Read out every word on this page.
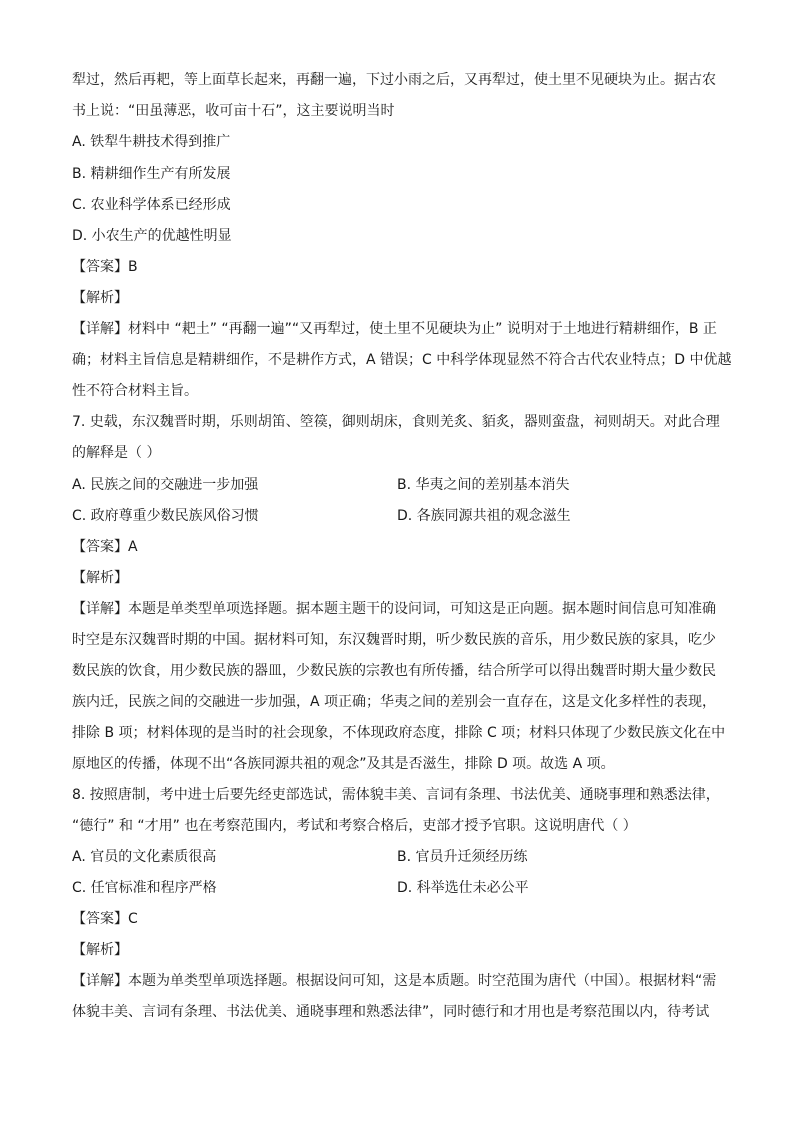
犁过，然后再耙，等上面草长起来，再翻一遍，下过小雨之后，又再犁过，使土里不见硬块为止。据古农
书上说：“田虽薄恶，收可亩十石”，这主要说明当时
A. 铁犁牛耕技术得到推广
B. 精耕细作生产有所发展
C. 农业科学体系已经形成
D. 小农生产的优越性明显
【答案】B
【解析】
【详解】材料中 “耙土” “再翻一遍”“又再犁过，使土里不见硬块为止” 说明对于土地进行精耕细作，B 正
确；材料主旨信息是精耕细作，不是耕作方式，A 错误；C 中科学体现显然不符合古代农业特点；D 中优越
性不符合材料主旨。
7. 史载，东汉魏晋时期，乐则胡笛、箜篌，御则胡床，食则羌炙、貊炙，器则蛮盘，祠则胡天。对此合理
的解释是（ ）
A. 民族之间的交融进一步加强	B. 华夷之间的差别基本消失
C. 政府尊重少数民族风俗习惯	D. 各族同源共祖的观念滋生
【答案】A
【解析】
【详解】本题是单类型单项选择题。据本题主题干的设问词，可知这是正向题。据本题时间信息可知准确
时空是东汉魏晋时期的中国。据材料可知，东汉魏晋时期，听少数民族的音乐，用少数民族的家具，吃少
数民族的饮食，用少数民族的器皿，少数民族的宗教也有所传播，结合所学可以得出魏晋时期大量少数民
族内迁，民族之间的交融进一步加强，A 项正确；华夷之间的差别会一直存在，这是文化多样性的表现，
排除 B 项；材料体现的是当时的社会现象，不体现政府态度，排除 C 项；材料只体现了少数民族文化在中
原地区的传播，体现不出“各族同源共祖的观念”及其是否滋生，排除 D 项。故选 A 项。
8. 按照唐制，考中进士后要先经吏部选试，需体貌丰美、言词有条理、书法优美、通晓事理和熟悉法律，
“德行” 和 “才用” 也在考察范围内，考试和考察合格后，吏部才授予官职。这说明唐代（ ）
A. 官员的文化素质很高	B. 官员升迁须经历练
C. 任官标准和程序严格	D. 科举选仕未必公平
【答案】C
【解析】
【详解】本题为单类型单项选择题。根据设问可知，这是本质题。时空范围为唐代（中国）。根据材料“需
体貌丰美、言词有条理、书法优美、通晓事理和熟悉法律”，同时德行和才用也是考察范围以内，待考试
